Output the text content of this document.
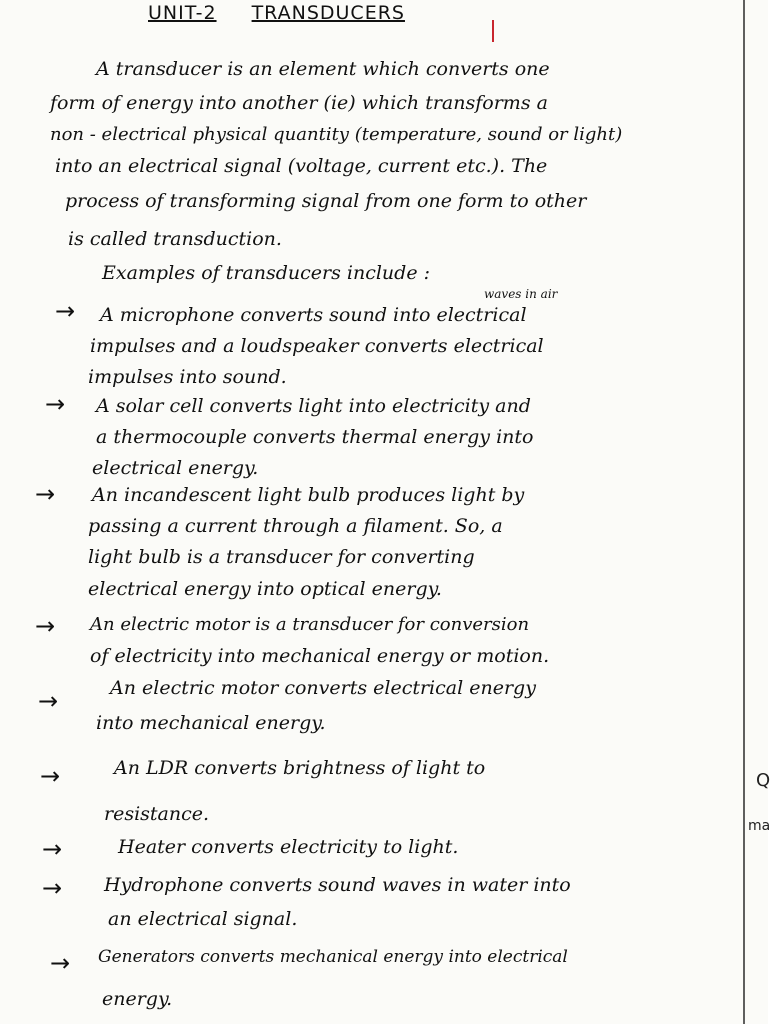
UNIT-2 TRANSDUCERS
A transducer is an element which converts one
form of energy into another (ie) which transforms a
non - electrical physical quantity (temperature, sound or light)
into an electrical signal (voltage, current etc.). The
process of transforming signal from one form to other
is called transduction.
Examples of transducers include :
waves in air
→ A microphone converts sound into electrical
impulses and a loudspeaker converts electrical
impulses into sound.
→ A solar cell converts light into electricity and
a thermocouple converts thermal energy into
electrical energy.
→ An incandescent light bulb produces light by
passing a current through a filament. So, a
light bulb is a transducer for converting
electrical energy into optical energy.
→ An electric motor is a transducer for conversion
of electricity into mechanical energy or motion.
→	An electric motor converts electrical energy
into mechanical energy.
→	An LDR converts brightness of light to
resistance.
→	Heater converts electricity to light.
→ Hydrophone converts sound waves in water into
an electrical signal.
→ Generators converts mechanical energy into electrical
energy.
Q
ma
